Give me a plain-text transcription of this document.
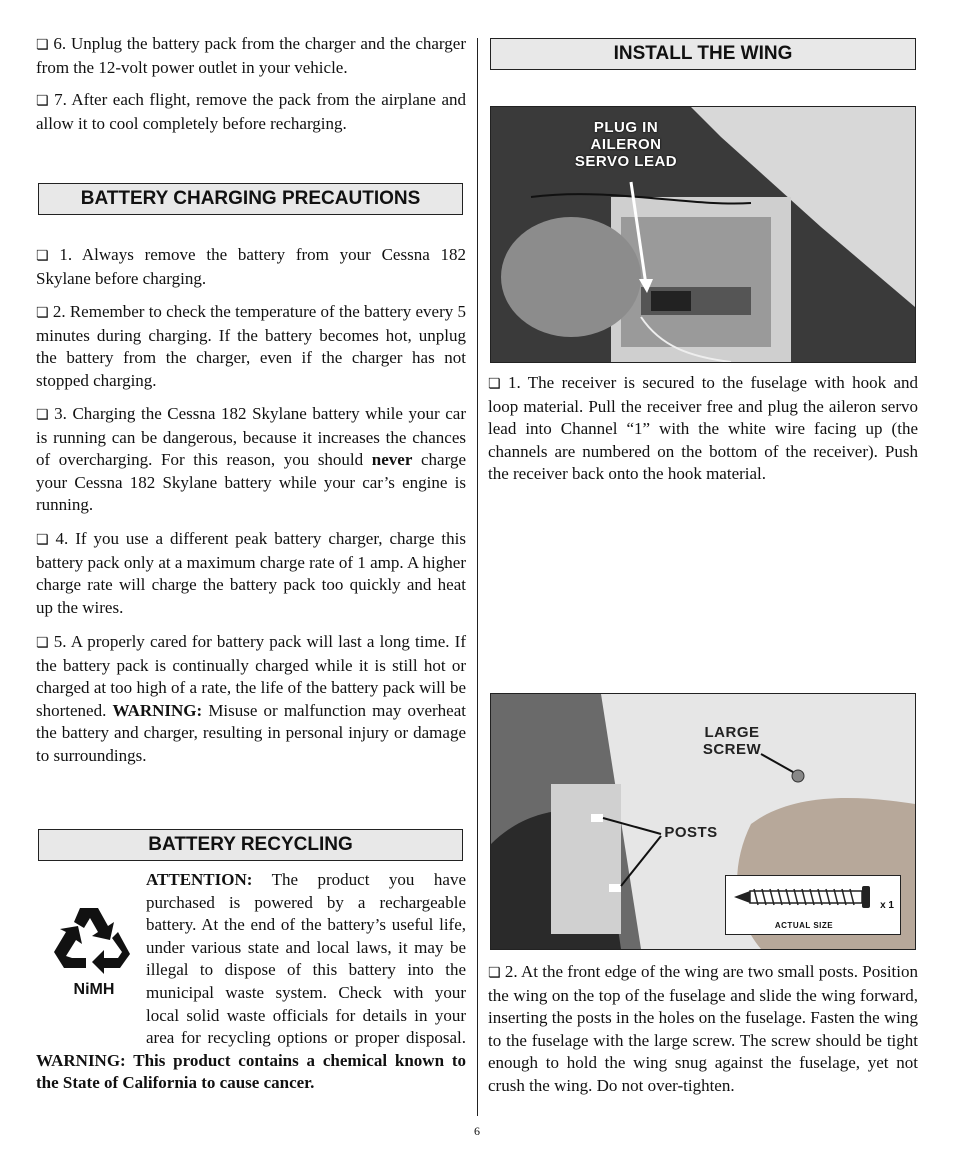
❏ 6. Unplug the battery pack from the charger and the charger from the 12-volt power outlet in your vehicle.

❏ 7. After each flight, remove the pack from the airplane and allow it to cool completely before recharging.

BATTERY CHARGING PRECAUTIONS

❏ 1. Always remove the battery from your Cessna 182 Skylane before charging.

❏ 2. Remember to check the temperature of the battery every 5 minutes during charging. If the battery becomes hot, unplug the battery from the charger, even if the charger has not stopped charging.

❏ 3. Charging the Cessna 182 Skylane battery while your car is running can be dangerous, because it increases the chances of overcharging. For this reason, you should never charge your Cessna 182 Skylane battery while your car’s engine is running.

❏ 4. If you use a different peak battery charger, charge this battery pack only at a maximum charge rate of 1 amp. A higher charge rate will charge the battery pack too quickly and heat up the wires.

❏ 5. A properly cared for battery pack will last a long time. If the battery pack is continually charged while it is still hot or charged at too high of a rate, the life of the battery pack will be shortened. WARNING: Misuse or malfunction may overheat the battery and charger, resulting in personal injury or damage to surroundings.

BATTERY RECYCLING
NiMH

ATTENTION: The product you have purchased is powered by a rechargeable battery. At the end of the battery’s useful life, under various state and local laws, it may be illegal to dispose of this battery into the municipal waste system. Check with your local solid waste officials for details in your area for recycling options or proper disposal. WARNING: This product contains a chemical known to the State of California to cause cancer.

INSTALL THE WING
PLUG IN
AILERON
SERVO LEAD

❏ 1. The receiver is secured to the fuselage with hook and loop material. Pull the receiver free and plug the aileron servo lead into Channel “1” with the white wire facing up (the channels are numbered on the bottom of the receiver). Push the receiver back onto the hook material.

LARGE
SCREW
POSTS
x 1
ACTUAL SIZE

❏ 2. At the front edge of the wing are two small posts. Position the wing on the top of the fuselage and slide the wing forward, inserting the posts in the holes on the fuselage. Fasten the wing to the fuselage with the large screw. The screw should be tight enough to hold the wing snug against the fuselage, yet not crush the wing. Do not over-tighten.

6
